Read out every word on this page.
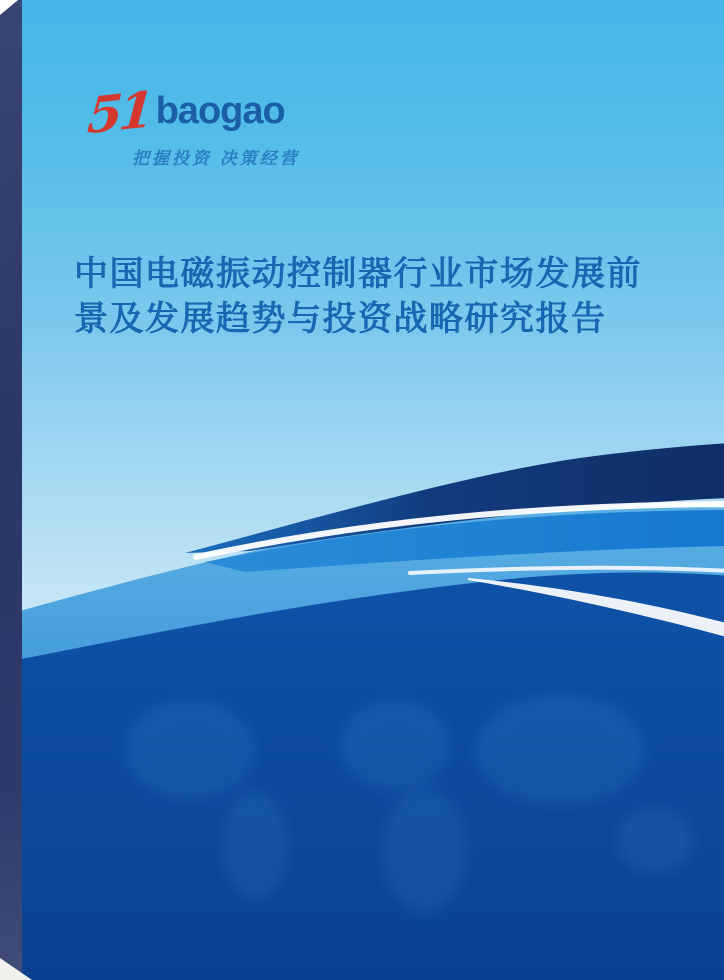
51 baogao
把握投资 决策经营
中国电磁振动控制器行业市场发展前
景及发展趋势与投资战略研究报告
